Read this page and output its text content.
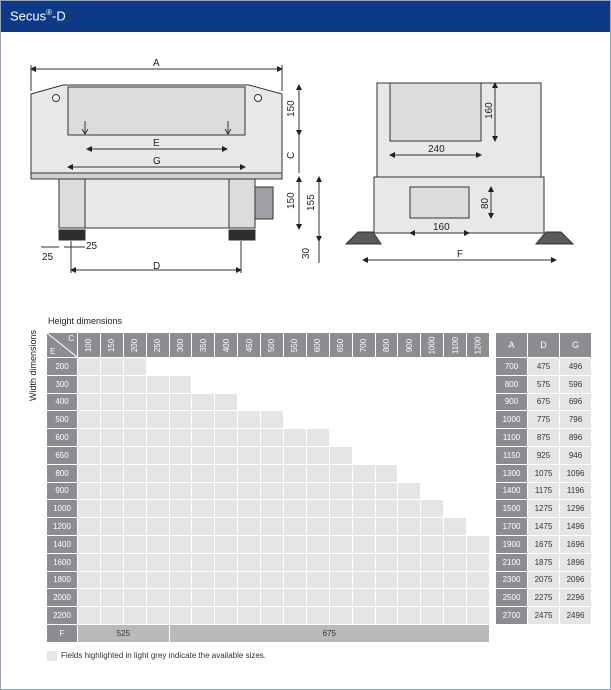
Secus®-D
A
E
G
D
150
C
150 155
30
25
25
160
240
80
160
F
Height dimensions
Width dimensions	C
E	100	150	200	250	300	350	400	450	500	550	600	650	700	800	900	1000	1100	1200
200																		
300																		
400																		
500																		
600																		
650																		
800																		
900																		
1000																		
1200																		
1400																		
1600																		
1800																		
2000																		
2200																		
F	525				675													
A	D	G
700	475	496
800	575	596
900	675	696
1000	775	796
1100	875	896
1150	925	946
1300	1075	1096
1400	1175	1196
1500	1275	1296
1700	1475	1496
1900	1675	1696
2100	1875	1896
2300	2075	2096
2500	2275	2296
2700	2475	2496
Fields highlighted in light grey indicate the available sizes.
